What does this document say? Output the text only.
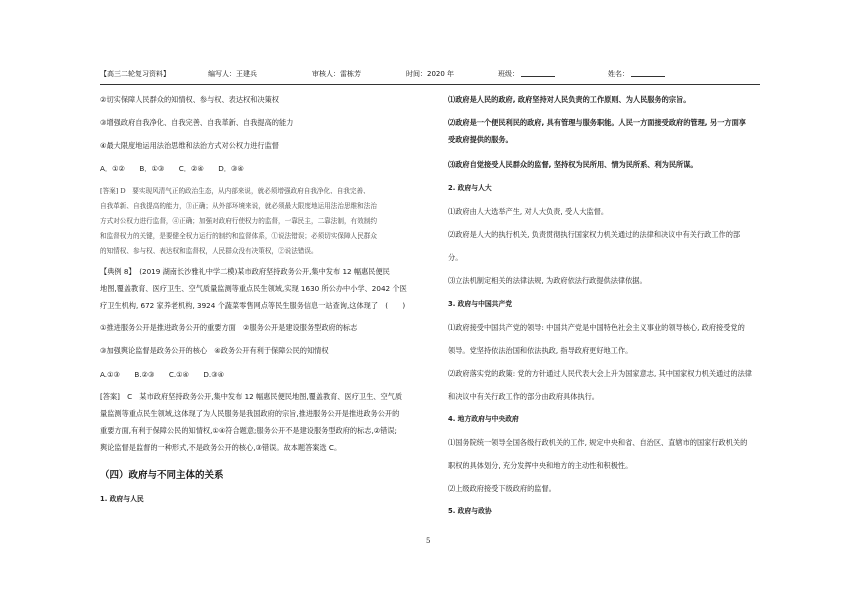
【高三二轮复习资料】	编写人：王建兵	审核人：雷栋芳	时间：2020 年	班级：	姓名：
②切实保障人民群众的知情权、参与权、表达权和决策权
③增强政府自我净化、自我完善、自我革新、自我提高的能力
④最大限度地运用法治思维和法治方式对公权力进行监督
A．①②　　B．①③　　C．②④　　D．③④
[答案] D　要实现风清气正的政治生态，从内部来说，就必须增强政府自我净化、自我完善、
自我革新、自我提高的能力，③正确；从外部环境来说，就必须最大限度地运用法治思维和法治
方式对公权力进行监督，④正确；加强对政府行使权力的监督，一靠民主，二靠法制，有效制约
和监督权力的关键，是要健全权力运行的制约和监督体系，①说法错误；必须切实保障人民群众
的知情权、参与权、表达权和监督权，人民群众没有决策权，②说法错误。
【典例 8】　(2019 湖南长沙雅礼中学二模)某市政府坚持政务公开,集中发布 12 幅惠民便民
地图,覆盖教育、医疗卫生、空气质量监测等重点民生领域,实现 1630 所公办中小学、2042 个医
疗卫生机构, 672 家养老机构, 3924 个蔬菜零售网点等民生服务信息一站查询,这体现了　(　　)
①推进服务公开是推进政务公开的重要方面　②服务公开是建设服务型政府的标志
③加强舆论监督是政务公开的核心　④政务公开有利于保障公民的知情权
A.①③　　B.②③　　C.①④　　D.③④
[答案]　C　某市政府坚持政务公开,集中发布 12 幅惠民便民地图,覆盖教育、医疗卫生、空气质
量监测等重点民生领域,这体现了为人民服务是我国政府的宗旨,推进服务公开是推进政务公开的
重要方面,有利于保障公民的知情权,①④符合题意;服务公开不是建设服务型政府的标志,②错误;
舆论监督是监督的一种形式,不是政务公开的核心,③错误。故本题答案选 C。
（四）政府与不同主体的关系
1. 政府与人民
⑴政府是人民的政府, 政府坚持对人民负责的工作原则、为人民服务的宗旨。
⑵政府是一个便民利民的政府, 具有管理与服务职能。人民一方面接受政府的管理, 另一方面享
受政府提供的服务。
⑶政府自觉接受人民群众的监督, 坚持权为民所用、情为民所系、利为民所谋。
2. 政府与人大
⑴政府由人大选举产生, 对人大负责, 受人大监督。
⑵政府是人大的执行机关, 负责贯彻执行国家权力机关通过的法律和决议中有关行政工作的部
分。
⑶立法机制定相关的法律法规, 为政府依法行政提供法律依据。
3. 政府与中国共产党
⑴政府接受中国共产党的领导: 中国共产党是中国特色社会主义事业的领导核心, 政府接受党的
领导。党坚持依法治国和依法执政, 指导政府更好地工作。
⑵政府落实党的政策: 党的方针通过人民代表大会上升为国家意志, 其中国家权力机关通过的法律
和决议中有关行政工作的部分由政府具体执行。
4. 地方政府与中央政府
⑴国务院统一领导全国各级行政机关的工作, 规定中央和省、自治区、直辖市的国家行政机关的
职权的具体划分, 充分发挥中央和地方的主动性和积极性。
⑵上级政府接受下级政府的监督。
5. 政府与政协
5
